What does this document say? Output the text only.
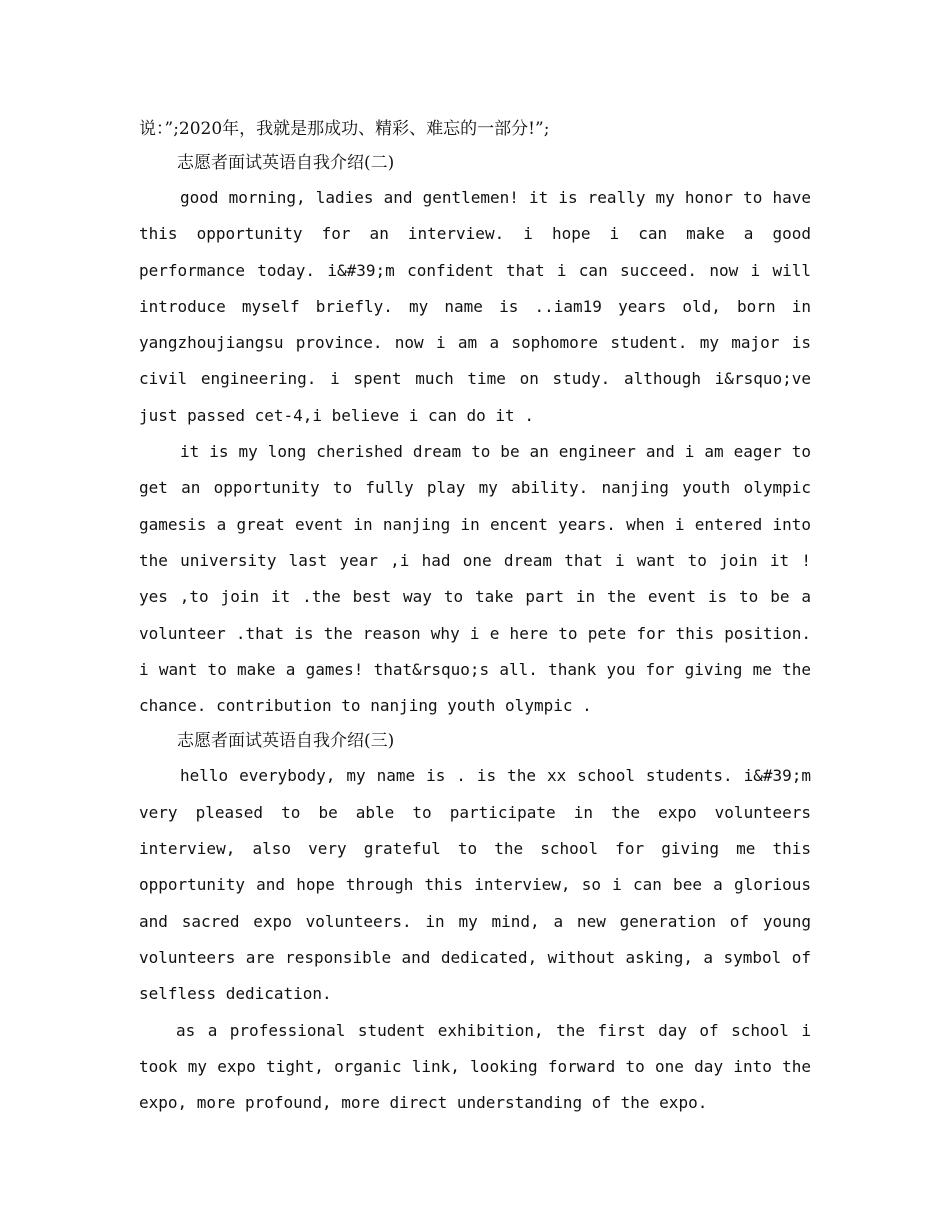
说：”;2020年，我就是那成功、精彩、难忘的一部分!”;

志愿者面试英语自我介绍(二)

good morning, ladies and gentlemen! it is really my honor to have this opportunity for an interview. i hope i can make a good performance today. i&#39;m confident that i can succeed. now i will introduce myself briefly. my name is ..iam19 years old, born in yangzhoujiangsu province. now i am a sophomore student. my major is civil engineering. i spent much time on study. although i&rsquo;ve just passed cet-4,i believe i can do it .

it is my long cherished dream to be an engineer and i am eager to get an opportunity to fully play my ability. nanjing youth olympic gamesis a great event in nanjing in encent years. when i entered into the university last year ,i had one dream that i want to join it ! yes ,to join it .the best way to take part in the event is to be a volunteer .that is the reason why i e here to pete for this position. i want to make a games! that&rsquo;s all. thank you for giving me the chance. contribution to nanjing youth olympic .

志愿者面试英语自我介绍(三)

hello everybody, my name is . is the xx school students. i&#39;m very pleased to be able to participate in the expo volunteers interview, also very grateful to the school for giving me this opportunity and hope through this interview, so i can bee a glorious and sacred expo volunteers. in my mind, a new generation of young volunteers are responsible and dedicated, without asking, a symbol of selfless dedication.

as a professional student exhibition, the first day of school i took my expo tight, organic link, looking forward to one day into the expo, more profound, more direct understanding of the expo.
